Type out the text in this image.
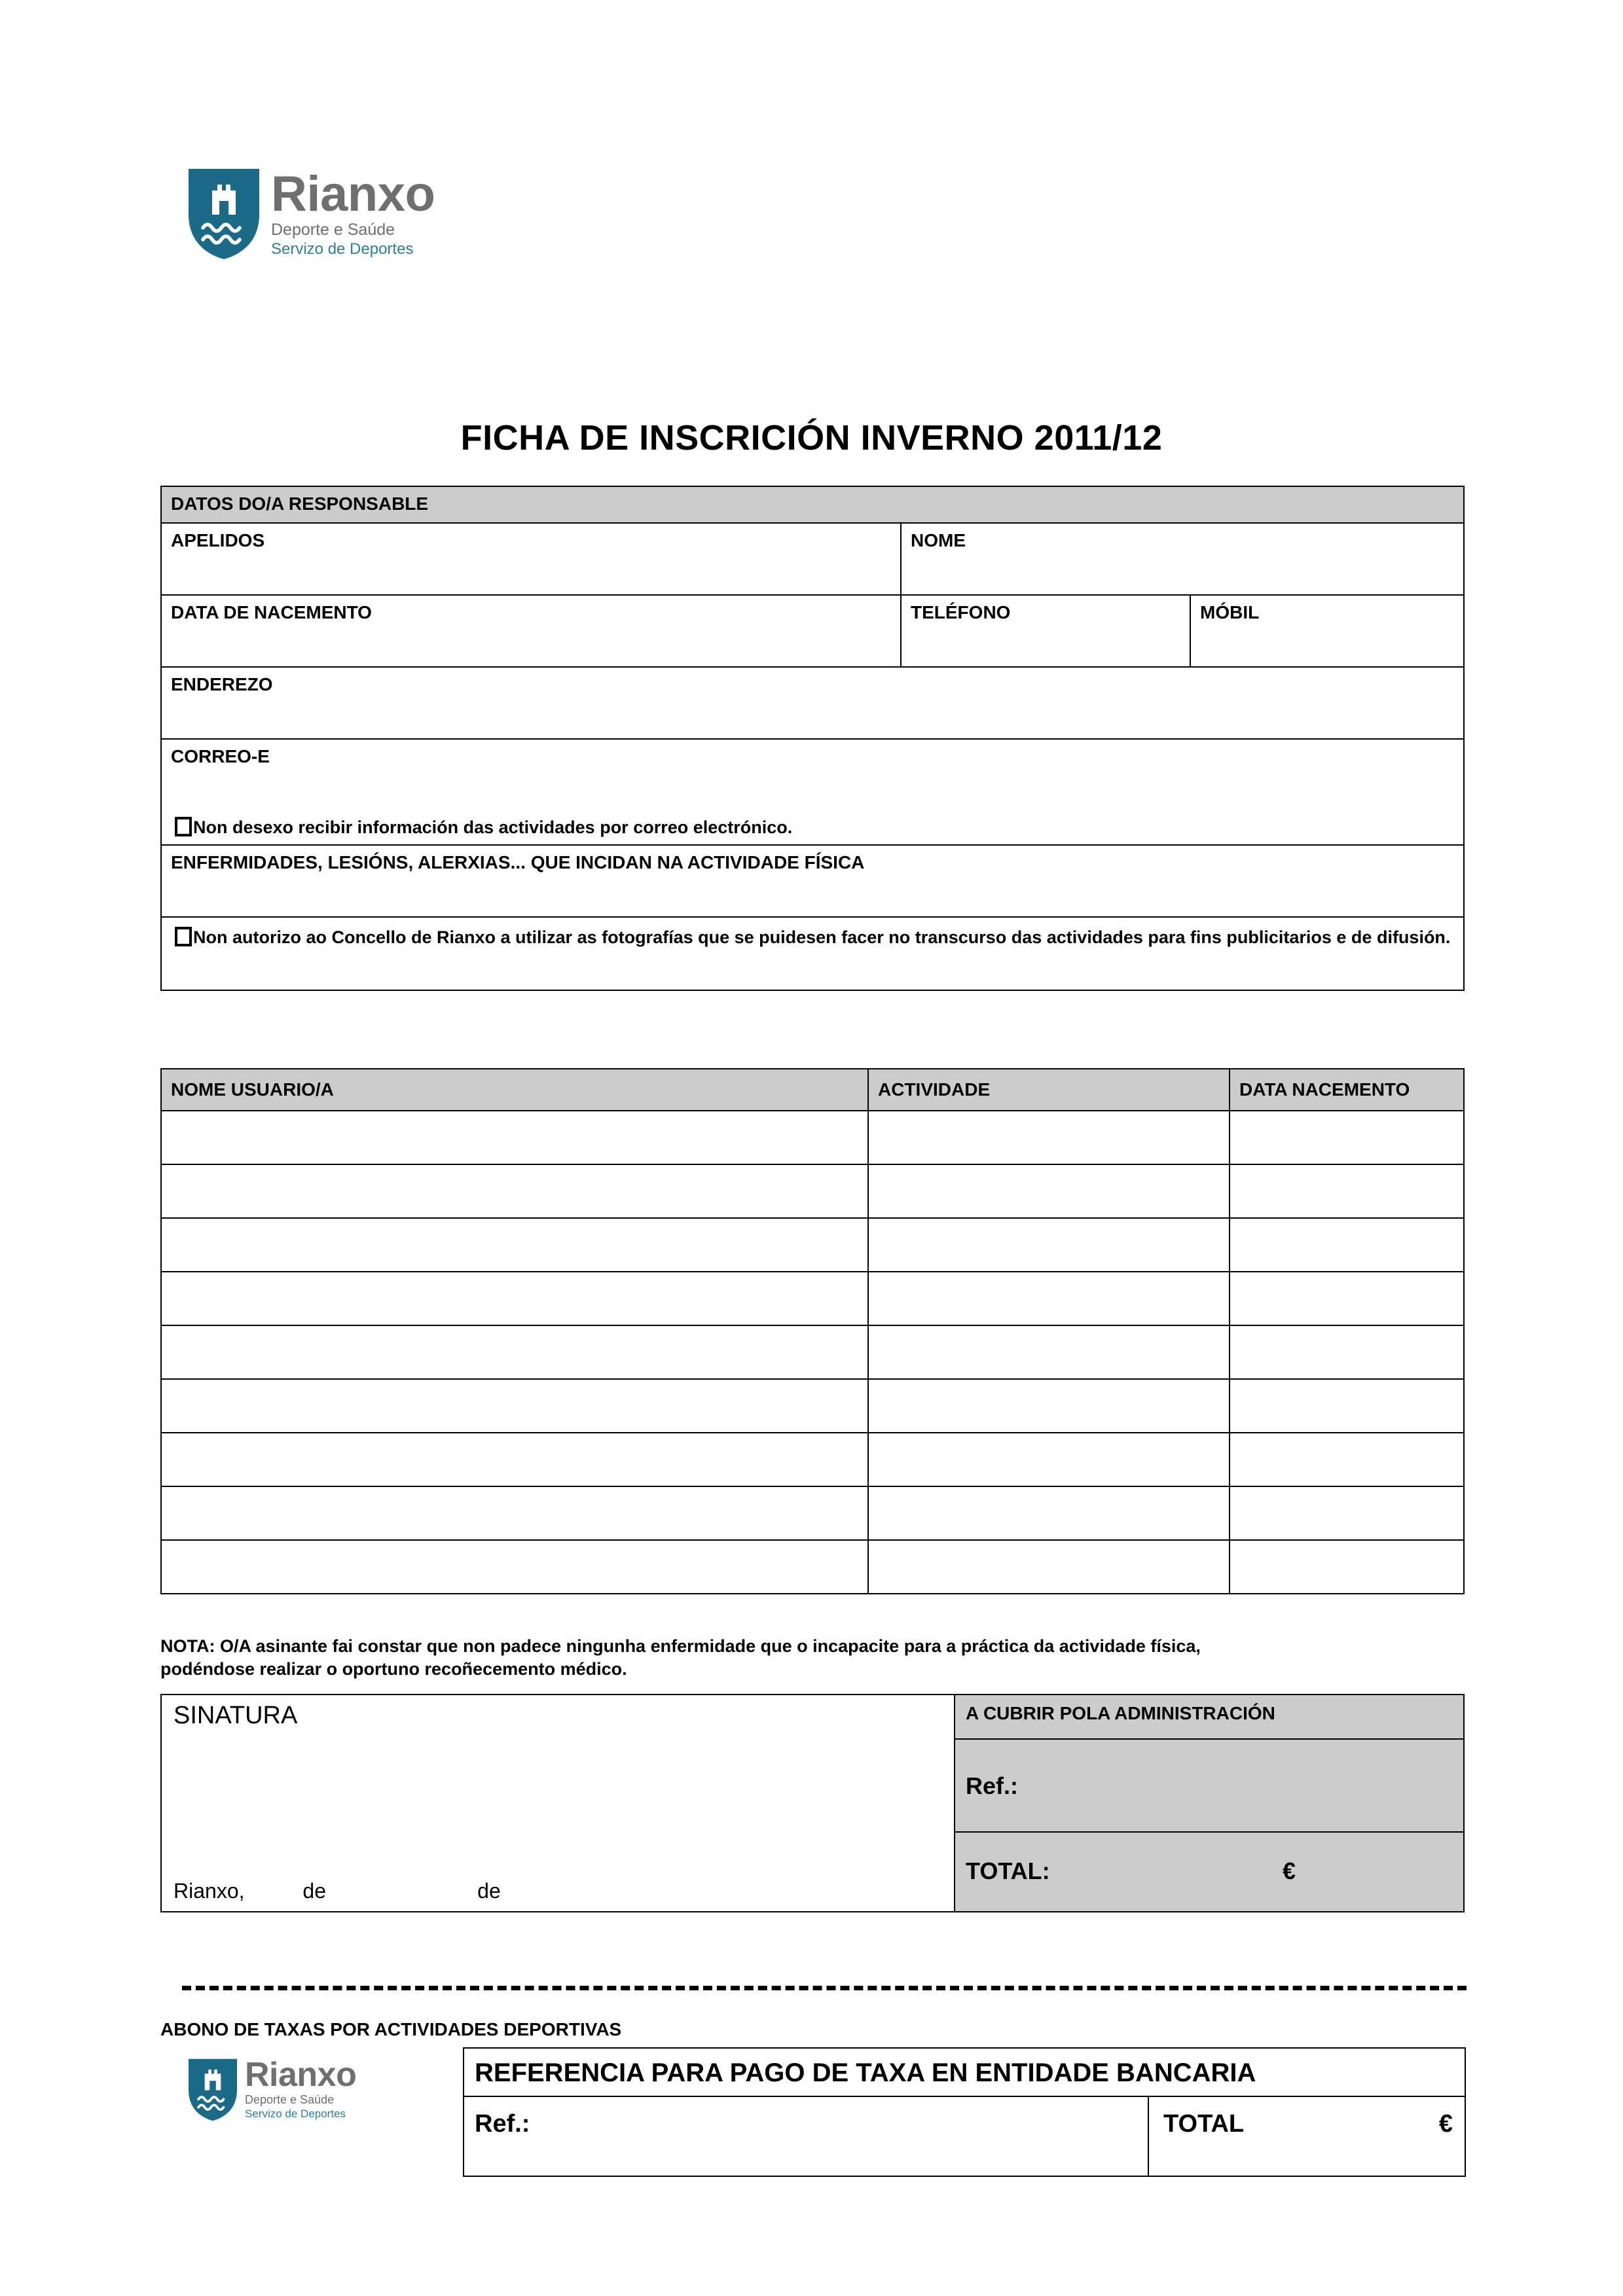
Rianxo
Deporte e Saúde
Servizo de Deportes
FICHA DE INSCRICIÓN INVERNO 2011/12
DATOS DO/A RESPONSABLE		
APELIDOS	NOME	
DATA DE NACEMENTO	TELÉFONO	MÓBIL
ENDEREZO		
CORREO-E
Non desexo recibir información das actividades por correo electrónico.		

ENFERMIDADES, LESIÓNS, ALERXIAS... QUE INCIDAN NA ACTIVIDADE FÍSICA		

Non autorizo ao Concello de Rianxo a utilizar as fotografías que se puidesen facer no transcurso das actividades para fins publicitarios e de difusión.		
NOME USUARIO/A	ACTIVIDADE	DATA NACEMENTO

NOTA: O/A asinante fai constar que non padece ningunha enfermidade que o incapacite para a práctica da actividade física,
podéndose realizar o oportuno recoñecemento médico.
SINATURA
Rianxo,          de                          de
	A CUBRIR POLA ADMINISTRACIÓN

Ref.:

TOTAL:	€
ABONO DE TAXAS POR ACTIVIDADES DEPORTIVAS
Rianxo
Deporte e Saúde
Servizo de Deportes
REFERENCIA PARA PAGO DE TAXA EN ENTIDADE BANCARIA

Ref.:	TOTAL	€
